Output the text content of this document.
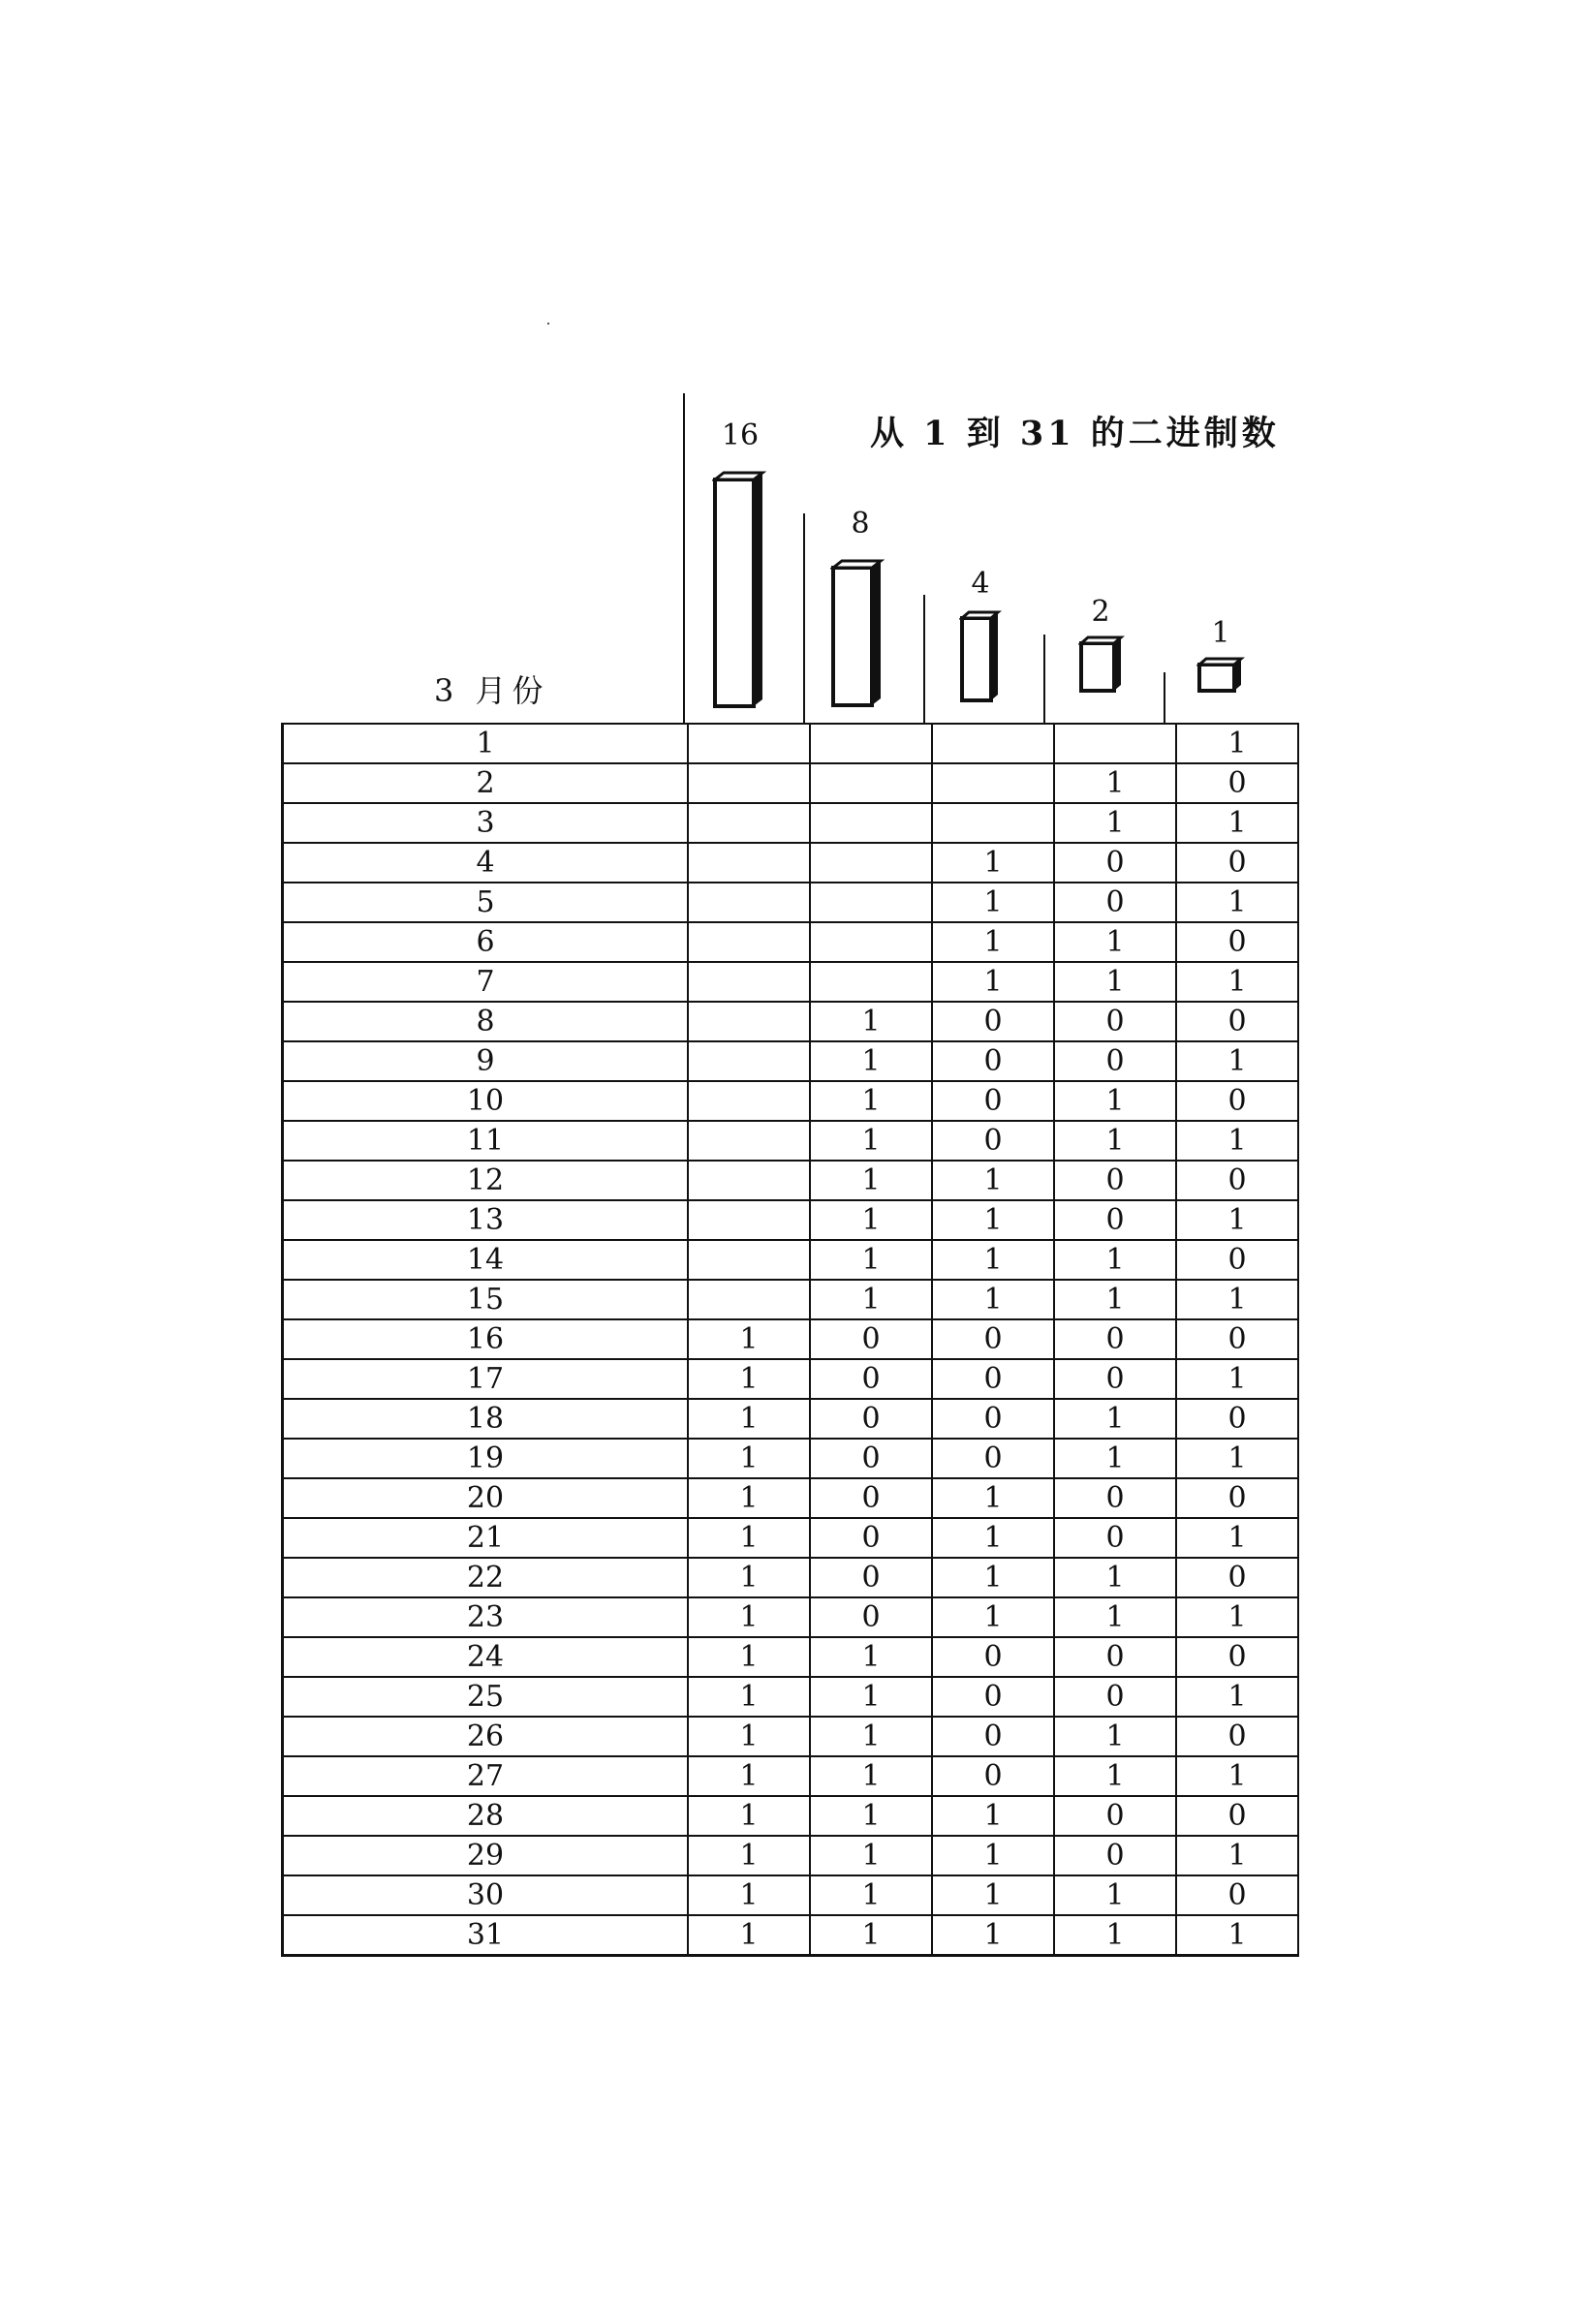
从 1 到 31 的二进制数
3 月份
16
8
4
2
1
1					1
2				1	0
3				1	1
4			1	0	0
5			1	0	1
6			1	1	0
7			1	1	1
8		1	0	0	0
9		1	0	0	1
10		1	0	1	0
11		1	0	1	1
12		1	1	0	0
13		1	1	0	1
14		1	1	1	0
15		1	1	1	1
16	1	0	0	0	0
17	1	0	0	0	1
18	1	0	0	1	0
19	1	0	0	1	1
20	1	0	1	0	0
21	1	0	1	0	1
22	1	0	1	1	0
23	1	0	1	1	1
24	1	1	0	0	0
25	1	1	0	0	1
26	1	1	0	1	0
27	1	1	0	1	1
28	1	1	1	0	0
29	1	1	1	0	1
30	1	1	1	1	0
31	1	1	1	1	1
